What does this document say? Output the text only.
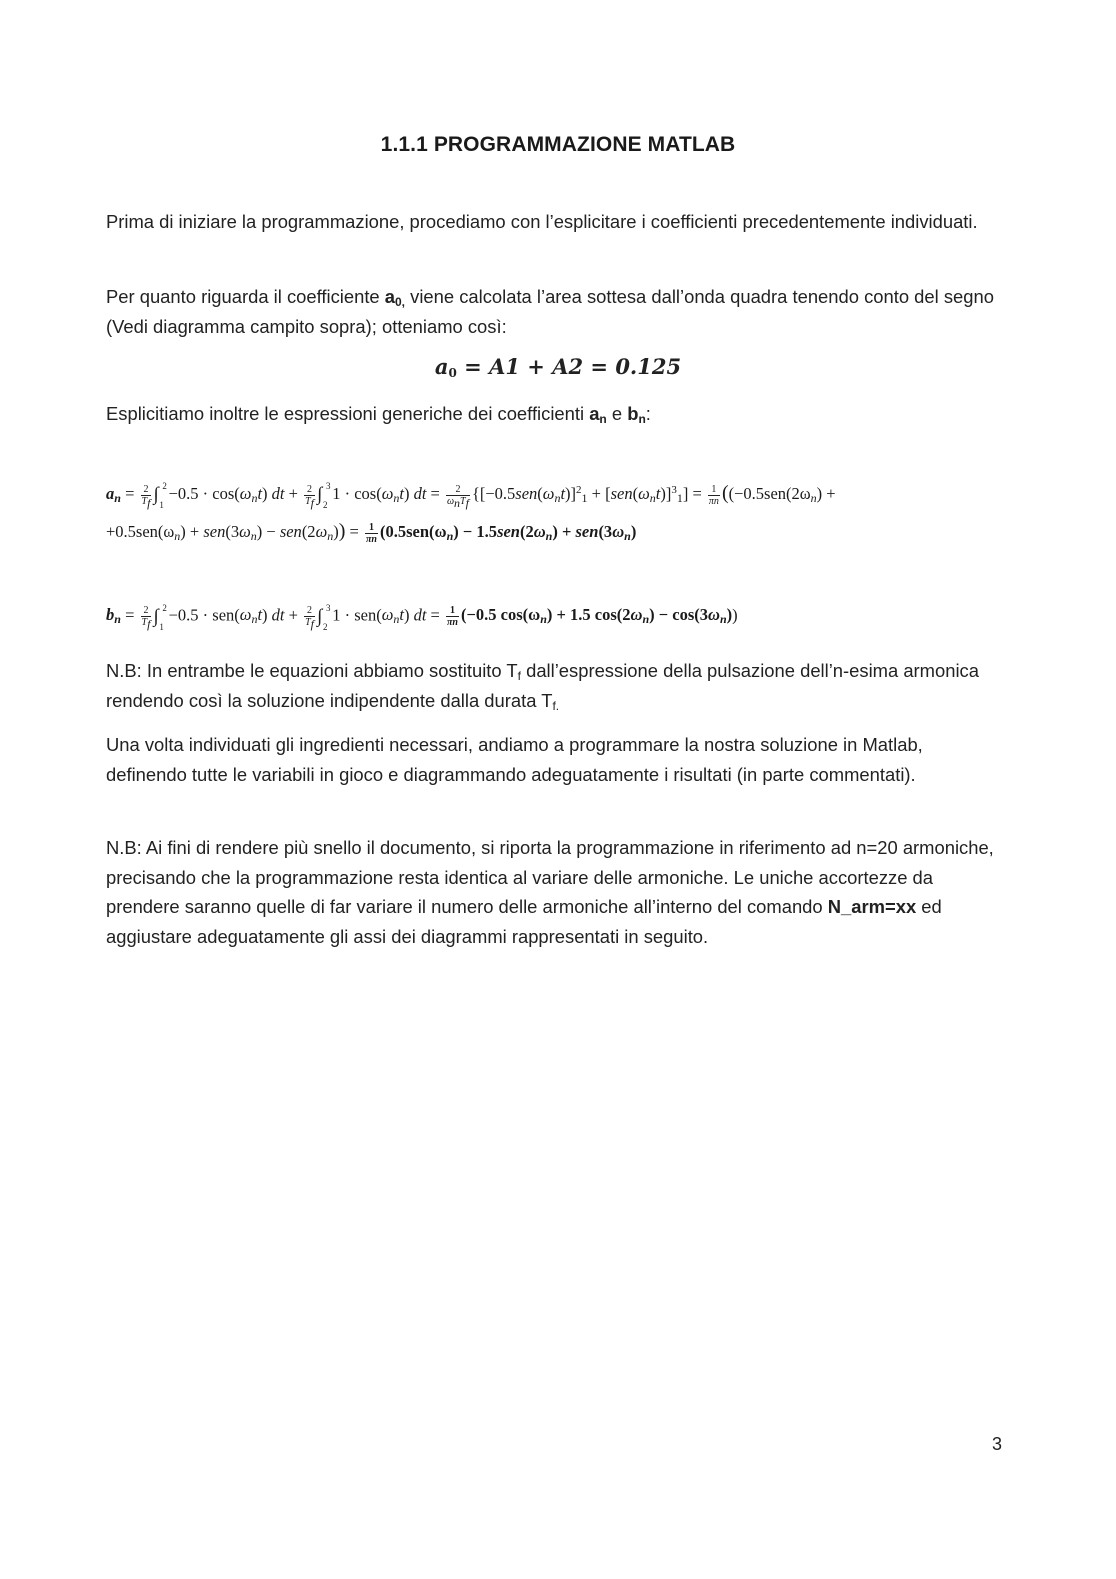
1.1.1 PROGRAMMAZIONE MATLAB

Prima di iniziare la programmazione, procediamo con l’esplicitare i coefficienti precedentemente individuati.

Per quanto riguarda il coefficiente $a_{0,}$ viene calcolata l’area sottesa dall’onda quadra tenendo conto del segno (Vedi diagramma campito sopra); otteniamo così:

$a_0 = A1 + A2 = 0.125$

Esplicitiamo inoltre le espressioni generiche dei coefficienti $a_n$ e $b_n$:

$a_n = \frac{2}{T_f}$ ∫ 2
1
$-0.5 \cdot \cos(\omega_nt)$ dt + $\frac{2}{T_f}$ ∫ 3
2
$1 \cdot \cos(\omega_nt)$ dt = $\frac{2}{\omega_nT_f} \{[-0.5sen(\omega_nt)]^2_1 + [sen(\omega_nt)]^3_1] = \frac{1}{\pi n} ((-0.5sen(2\omega_n)$ +
$+0.5sen(\omega_n) + sen(3\omega_n) - sen(2\omega_n)) = \frac{1}{\pi n} (0.5sen(\omega_n) - 1.5sen(2\omega_n) + sen(3\omega_n)$
$b_n = \frac{2}{T_f}$ ∫ 2
1
$-0.5 \cdot sen(\omega_nt)$ dt + $\frac{2}{T_f}$ ∫ 3
2
$1 \cdot sen(\omega_nt)$ dt = $\frac{1}{\pi n} (-0.5$ $\cos(\omega_n) + 1.5$ $\cos(2\omega_n) - \cos(3\omega_n)$)

N.B: In entrambe le equazioni abbiamo sostituito $T_f$ dall’espressione della pulsazione dell’n-esima armonica rendendo così la soluzione indipendente dalla durata $T_{f.}$

Una volta individuati gli ingredienti necessari, andiamo a programmare la nostra soluzione in Matlab, definendo tutte le variabili in gioco e diagrammando adeguatamente i risultati (in parte commentati).

N.B: Ai fini di rendere più snello il documento, si riporta la programmazione in riferimento ad n=20 armoniche, precisando che la programmazione resta identica al variare delle armoniche. Le uniche accortezze da prendere saranno quelle di far variare il numero delle armoniche all’interno del comando N_arm=xx ed aggiustare adeguatamente gli assi dei diagrammi rappresentati in seguito.

3
